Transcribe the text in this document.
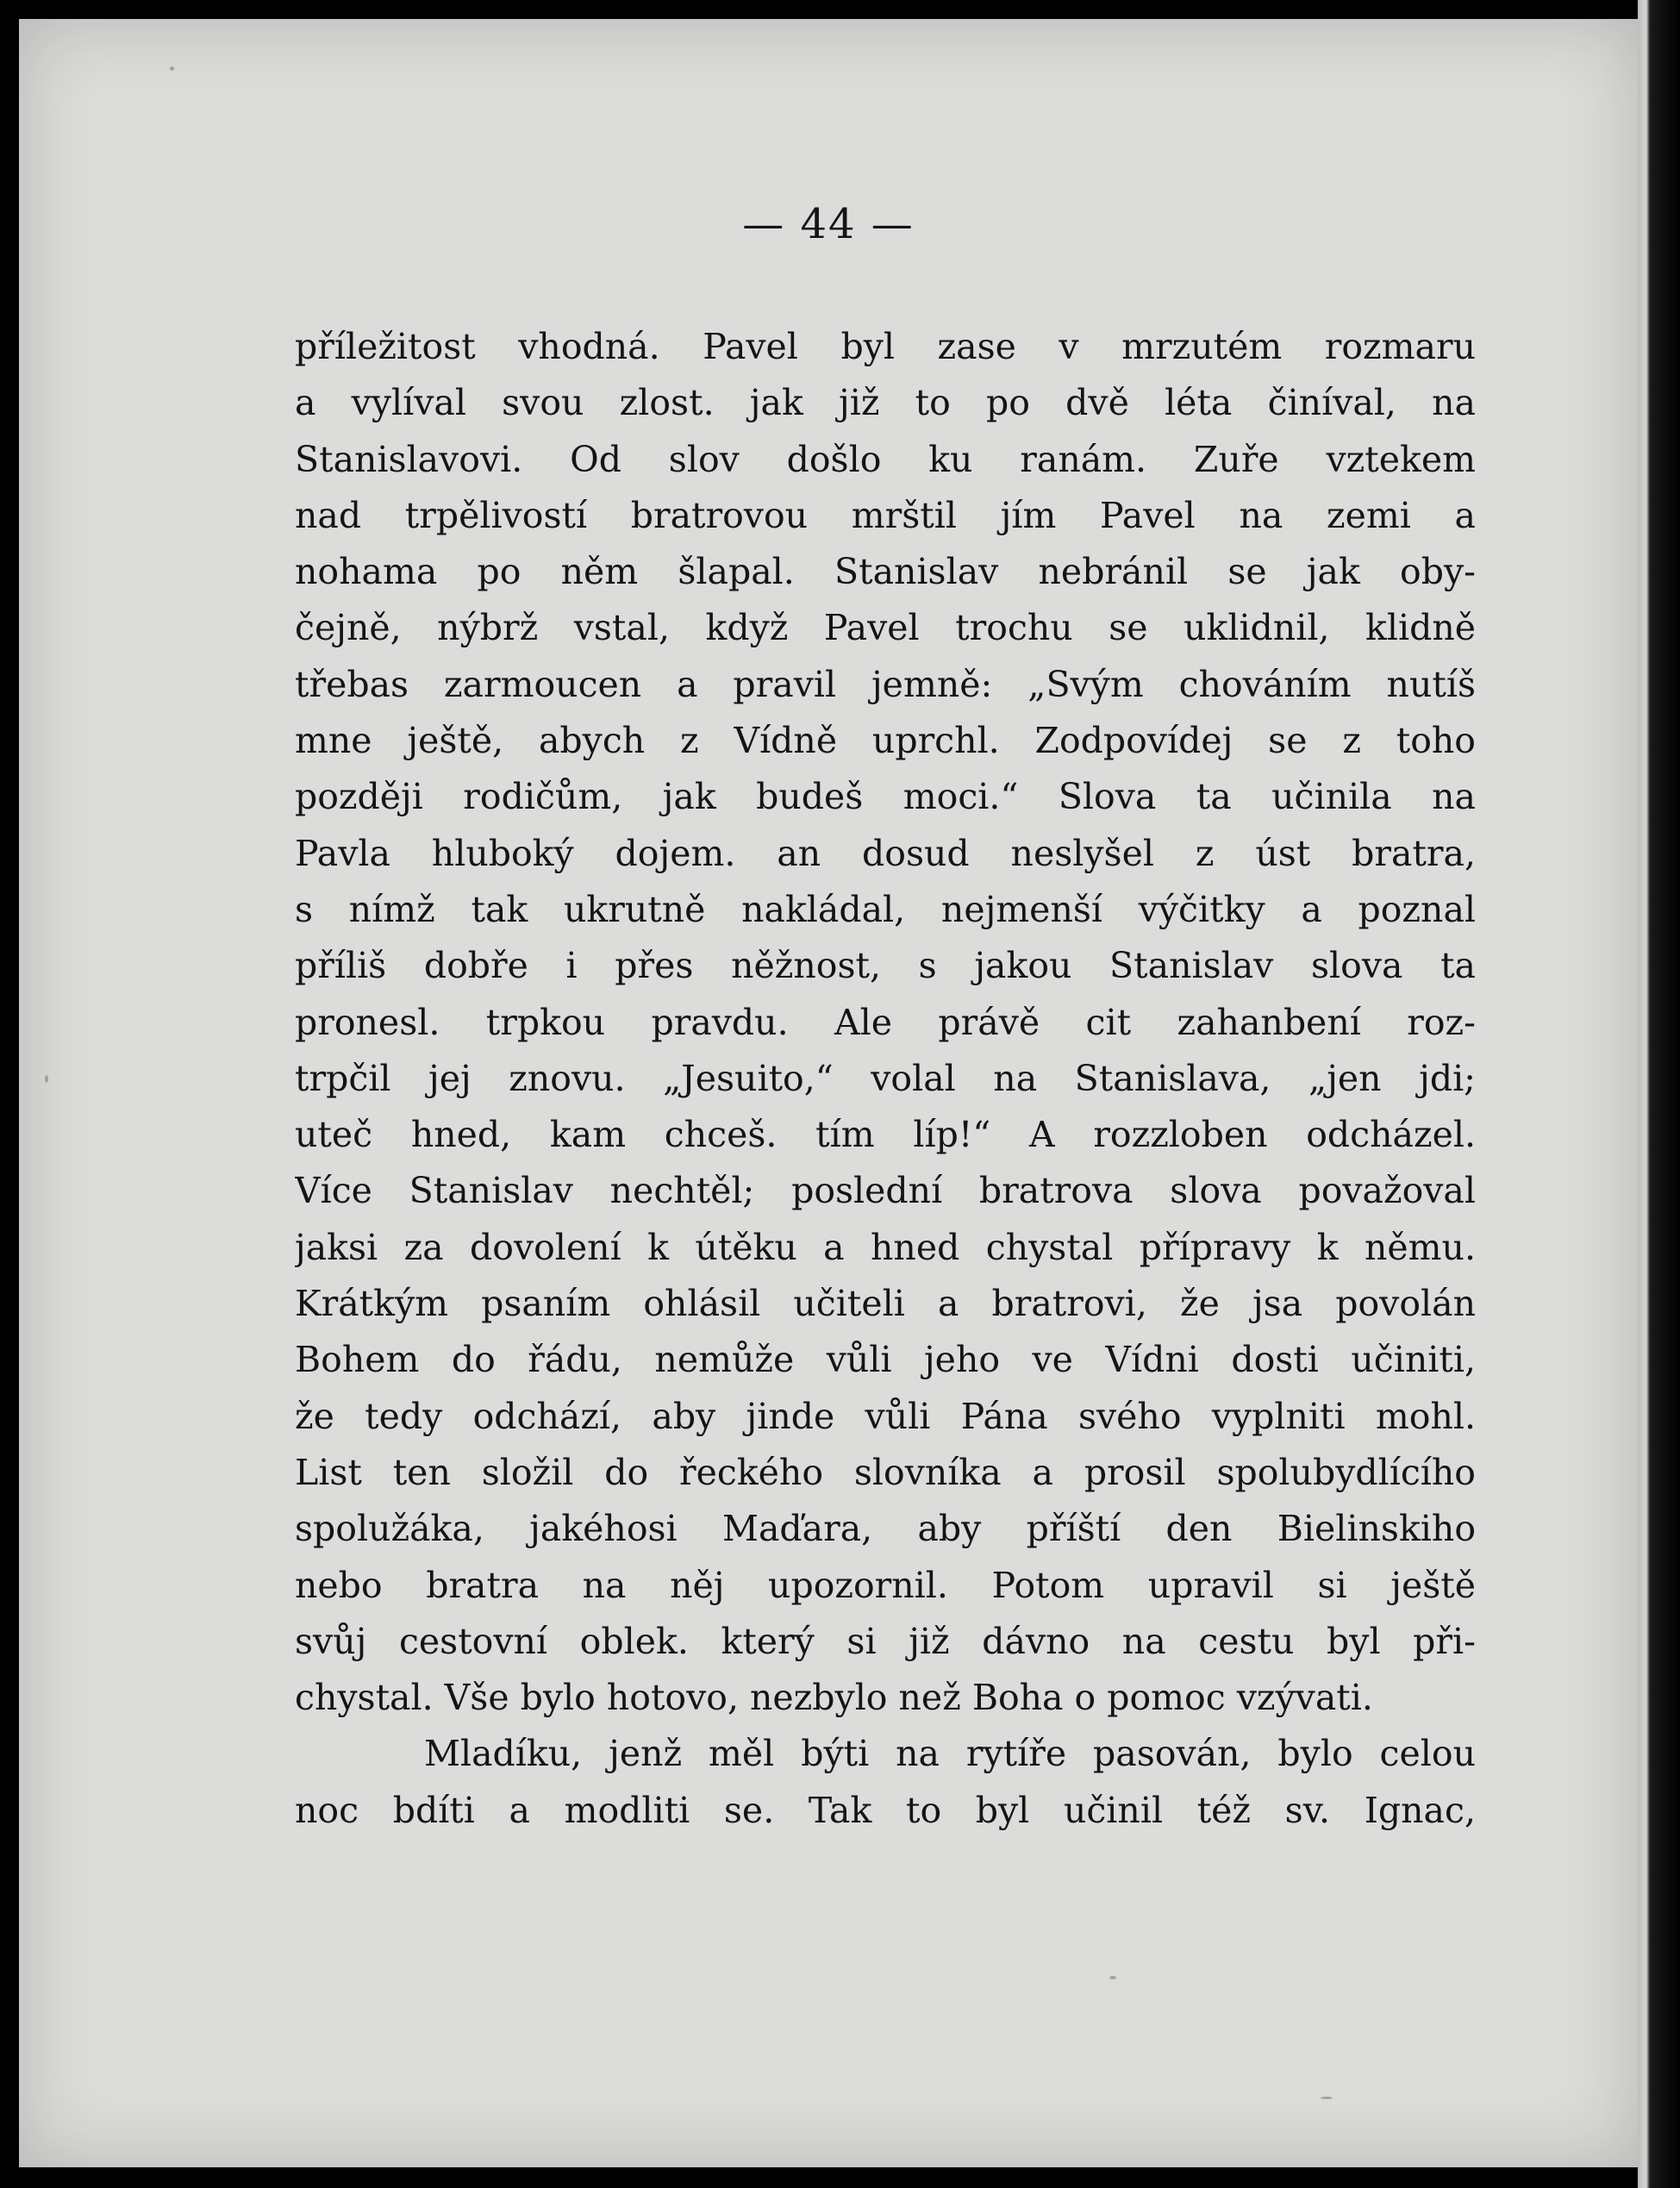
— 44 —

příležitost vhodná. Pavel byl zase v mrzutém rozmaru
a vylíval svou zlost. jak již to po dvě léta činíval, na
Stanislavovi. Od slov došlo ku ranám. Zuře vztekem
nad trpělivostí bratrovou mrštil jím Pavel na zemi a
nohama po něm šlapal. Stanislav nebránil se jak oby-
čejně, nýbrž vstal, když Pavel trochu se uklidnil, klidně
třebas zarmoucen a pravil jemně: „Svým chováním nutíš
mne ještě, abych z Vídně uprchl. Zodpovídej se z toho
později rodičům, jak budeš moci.“ Slova ta učinila na
Pavla hluboký dojem. an dosud neslyšel z úst bratra,
s nímž tak ukrutně nakládal, nejmenší výčitky a poznal
příliš dobře i přes něžnost, s jakou Stanislav slova ta
pronesl. trpkou pravdu. Ale právě cit zahanbení roz-
trpčil jej znovu. „Jesuito,“ volal na Stanislava, „jen jdi;
uteč hned, kam chceš. tím líp!“ A rozzloben odcházel.
Více Stanislav nechtěl; poslední bratrova slova považoval
jaksi za dovolení k útěku a hned chystal přípravy k němu.
Krátkým psaním ohlásil učiteli a bratrovi, že jsa povolán
Bohem do řádu, nemůže vůli jeho ve Vídni dosti učiniti,
že tedy odchází, aby jinde vůli Pána svého vyplniti mohl.
List ten složil do řeckého slovníka a prosil spolubydlícího
spolužáka, jakéhosi Maďara, aby příští den Bielinskiho
nebo bratra na něj upozornil. Potom upravil si ještě
svůj cestovní oblek. který si již dávno na cestu byl při-
chystal. Vše bylo hotovo, nezbylo než Boha o pomoc vzývati.
Mladíku, jenž měl býti na rytíře pasován, bylo celou
noc bdíti a modliti se. Tak to byl učinil též sv. Ignac,
